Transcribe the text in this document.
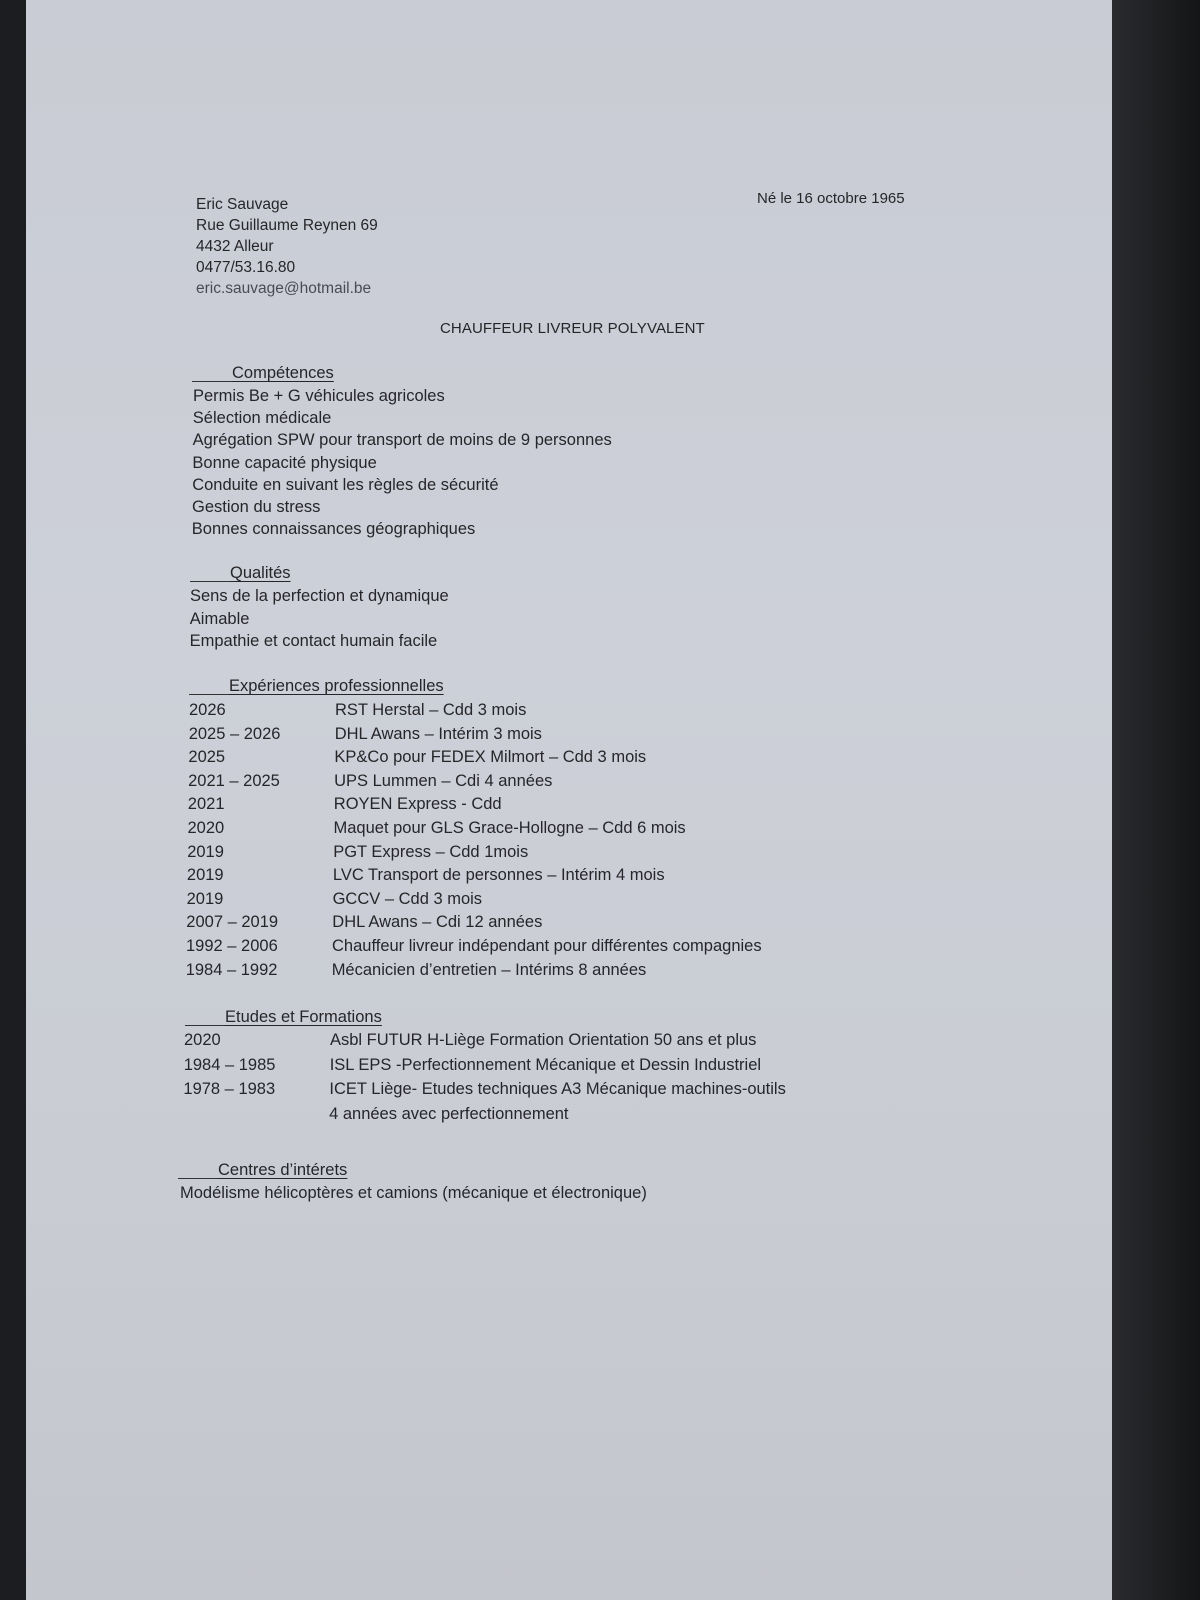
Eric Sauvage
Rue Guillaume Reynen 69
4432 Alleur
0477/53.16.80
eric.sauvage@hotmail.be
Né le 16 octobre 1965
CHAUFFEUR LIVREUR POLYVALENT
Compétences
Permis Be + G véhicules agricoles
Sélection médicale
Agrégation SPW pour transport de moins de 9 personnes
Bonne capacité physique
Conduite en suivant les règles de sécurité
Gestion du stress
Bonnes connaissances géographiques
Qualités
Sens de la perfection et dynamique
Aimable
Empathie et contact humain facile
Expériences professionnelles
2026	RST Herstal – Cdd 3 mois
2025 – 2026	DHL Awans – Intérim 3 mois
2025	KP&Co pour FEDEX Milmort – Cdd 3 mois
2021 – 2025	UPS Lummen – Cdi 4 années
2021	ROYEN Express - Cdd
2020	Maquet pour GLS Grace-Hollogne – Cdd 6 mois
2019	PGT Express – Cdd 1mois
2019	LVC Transport de personnes – Intérim 4 mois
2019	GCCV – Cdd 3 mois
2007 – 2019	DHL Awans – Cdi 12 années
1992 – 2006	Chauffeur livreur indépendant pour différentes compagnies
1984 – 1992	Mécanicien d’entretien – Intérims 8 années
Etudes et Formations
2020	Asbl FUTUR H-Liège Formation Orientation 50 ans et plus
1984 – 1985	ISL EPS -Perfectionnement Mécanique et Dessin Industriel
1978 – 1983	ICET Liège- Etudes techniques A3 Mécanique machines-outils
4 années avec perfectionnement
Centres d’intérets
Modélisme hélicoptères et camions (mécanique et électronique)
